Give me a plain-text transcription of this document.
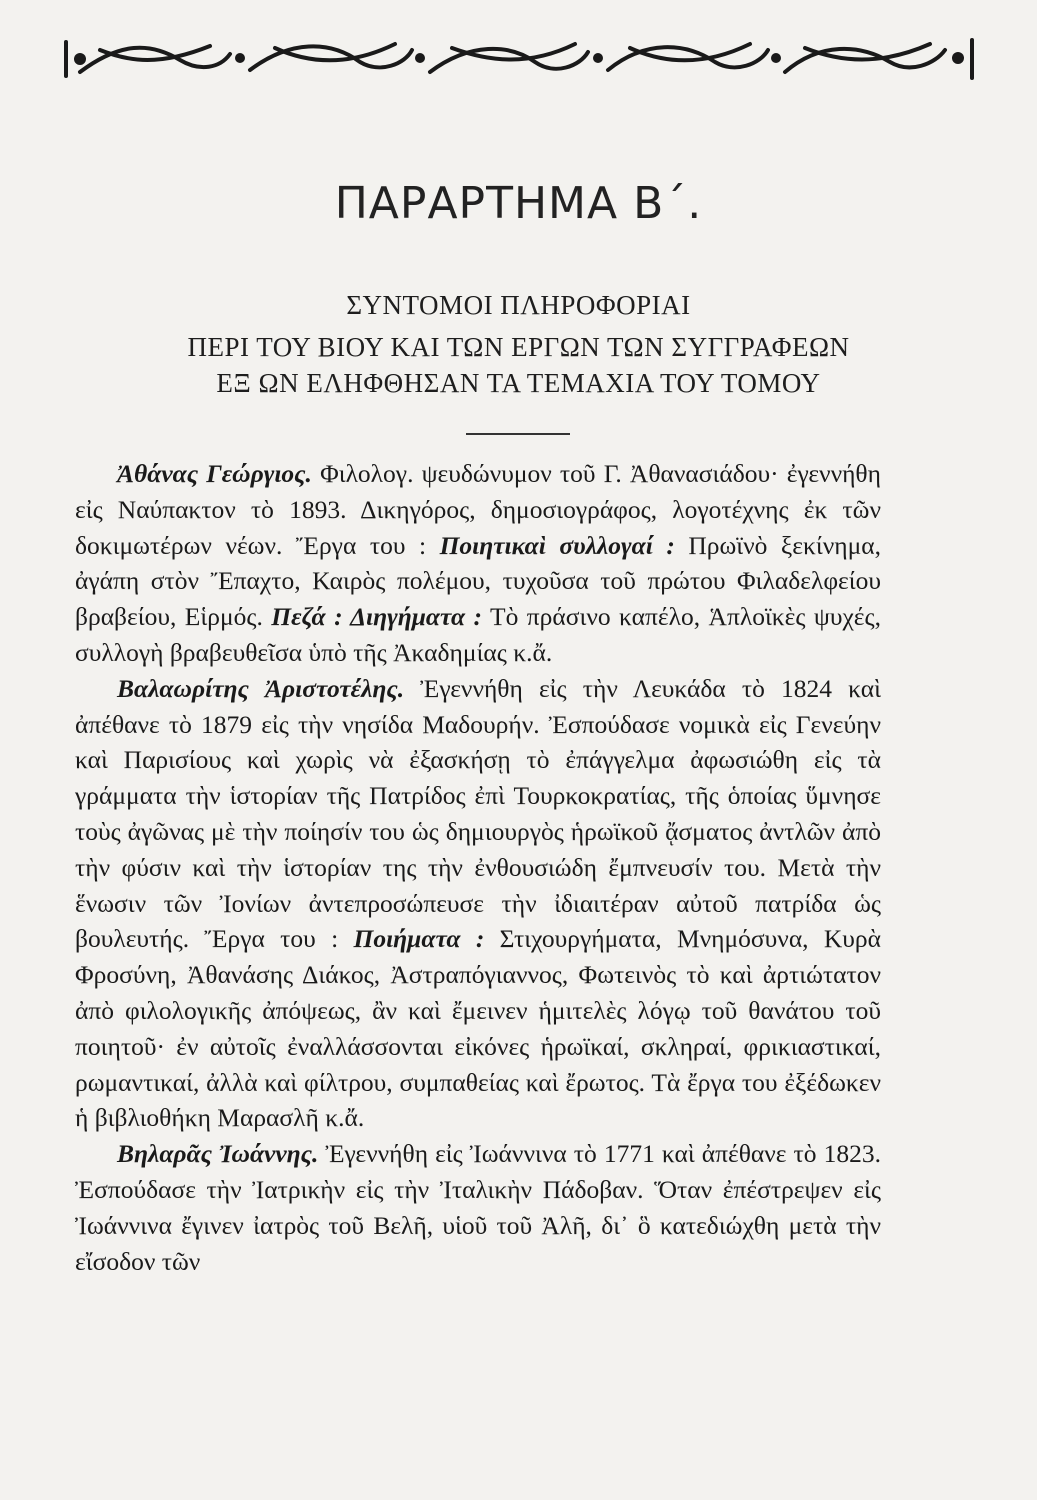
ΠΑΡΑΡΤΗΜΑ Β΄.
ΣΥΝΤΟΜΟΙ ΠΛΗΡΟΦΟΡΙΑΙ
ΠΕΡΙ ΤΟΥ ΒΙΟΥ ΚΑΙ ΤΩΝ ΕΡΓΩΝ ΤΩΝ ΣΥΓΓΡΑΦΕΩΝ
ΕΞ ΩΝ ΕΛΗΦΘΗΣΑΝ ΤΑ ΤΕΜΑΧΙΑ ΤΟΥ ΤΟΜΟΥ

Ἀθάνας Γεώργιος. Φιλολογ. ψευδώνυμον τοῦ Γ. Ἀθανασιάδου· ἐγεννήθη εἰς Ναύπακτον τὸ 1893. Δικηγόρος, δημοσιογράφος, λογοτέχνης ἐκ τῶν δοκιμωτέρων νέων. Ἔργα του : Ποιητικαὶ συλλογαί : Πρωϊνὸ ξεκίνημα, ἀγάπη στὸν Ἔπαχτο, Καιρὸς πολέμου, τυχοῦσα τοῦ πρώτου Φιλαδελφείου βραβείου, Εἱρμός. Πεζά : Διηγήματα : Τὸ πράσινο καπέλο, Ἁπλοϊκὲς ψυχές, συλλογὴ βραβευθεῖσα ὑπὸ τῆς Ἀκαδημίας κ.ἄ.

Βαλαωρίτης Ἀριστοτέλης. Ἐγεννήθη εἰς τὴν Λευκάδα τὸ 1824 καὶ ἀπέθανε τὸ 1879 εἰς τὴν νησίδα Μαδουρήν. Ἐσπούδασε νομικὰ εἰς Γενεύην καὶ Παρισίους καὶ χωρὶς νὰ ἐξασκήσῃ τὸ ἐπάγγελμα ἀφωσιώθη εἰς τὰ γράμματα τὴν ἱστορίαν τῆς Πατρίδος ἐπὶ Τουρκοκρατίας, τῆς ὁποίας ὕμνησε τοὺς ἀγῶνας μὲ τὴν ποίησίν του ὡς δημιουργὸς ἡρωϊκοῦ ᾄσματος ἀντλῶν ἀπὸ τὴν φύσιν καὶ τὴν ἱστορίαν της τὴν ἐνθουσιώδη ἔμπνευσίν του. Μετὰ τὴν ἕνωσιν τῶν Ἰονίων ἀντεπροσώπευσε τὴν ἰδιαιτέραν αὐτοῦ πατρίδα ὡς βουλευτής. Ἔργα του : Ποιήματα : Στιχουργήματα, Μνημόσυνα, Κυρὰ Φροσύνη, Ἀθανάσης Διάκος, Ἀστραπόγιαννος, Φωτεινὸς τὸ καὶ ἀρτιώτατον ἀπὸ φιλολογικῆς ἀπόψεως, ἂν καὶ ἔμεινεν ἡμιτελὲς λόγῳ τοῦ θανάτου τοῦ ποιητοῦ· ἐν αὐτοῖς ἐναλλάσσονται εἰκόνες ἡρωϊκαί, σκληραί, φρικιαστικαί, ρωμαντικαί, ἀλλὰ καὶ φίλτρου, συμπαθείας καὶ ἔρωτος. Τὰ ἔργα του ἐξέδωκεν ἡ βιβλιοθήκη Μαρασλῆ κ.ἄ.

Βηλαρᾶς Ἰωάννης. Ἐγεννήθη εἰς Ἰωάννινα τὸ 1771 καὶ ἀπέθανε τὸ 1823. Ἐσπούδασε τὴν Ἰατρικὴν εἰς τὴν Ἰταλικὴν Πάδοβαν. Ὅταν ἐπέστρεψεν εἰς Ἰωάννινα ἔγινεν ἰατρὸς τοῦ Βελῆ, υἱοῦ τοῦ Ἀλῆ, δι᾽ ὃ κατεδιώχθη μετὰ τὴν εἴσοδον τῶν
